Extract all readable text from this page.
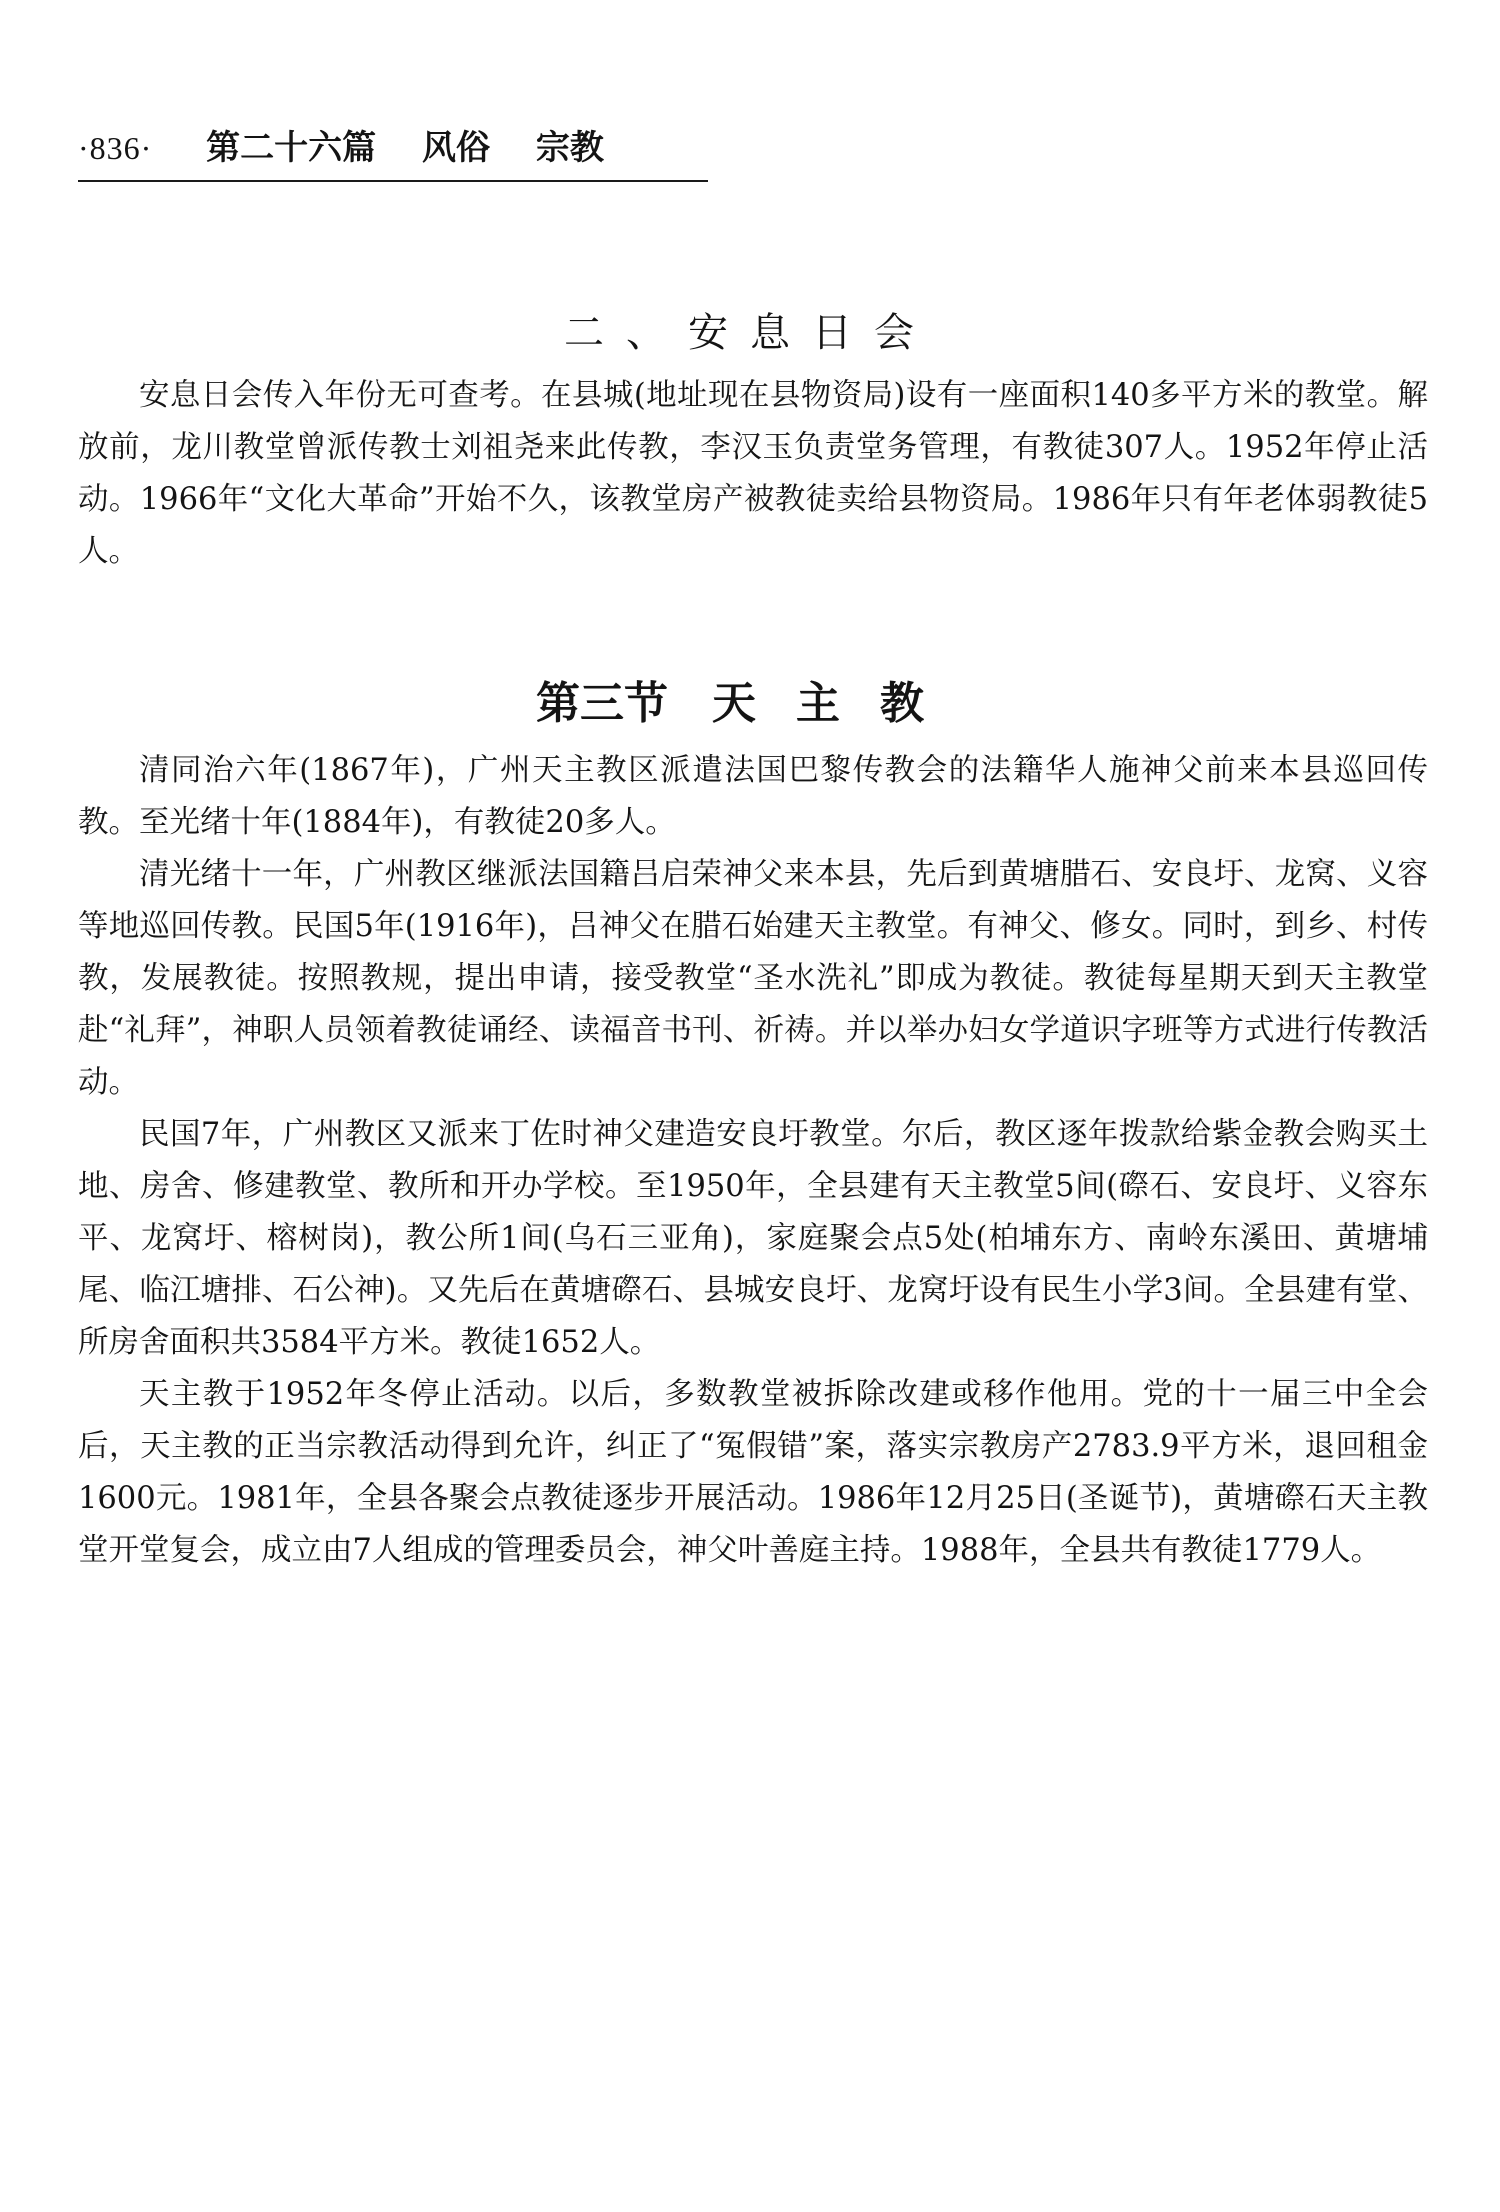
·836· 第二十六篇 风俗 宗教
二、安息日会

安息日会传入年份无可查考。在县城(地址现在县物资局)设有一座面积140多平方米的教堂。解放前，龙川教堂曾派传教士刘祖尧来此传教，李汉玉负责堂务管理，有教徒307人。1952年停止活动。1966年“文化大革命”开始不久，该教堂房产被教徒卖给县物资局。1986年只有年老体弱教徒5人。

第三节 天主教

清同治六年(1867年)，广州天主教区派遣法国巴黎传教会的法籍华人施神父前来本县巡回传教。至光绪十年(1884年)，有教徒20多人。

清光绪十一年，广州教区继派法国籍吕启荣神父来本县，先后到黄塘腊石、安良圩、龙窝、义容等地巡回传教。民国5年(1916年)，吕神父在腊石始建天主教堂。有神父、修女。同时，到乡、村传教，发展教徒。按照教规，提出申请，接受教堂“圣水洗礼”即成为教徒。教徒每星期天到天主教堂赴“礼拜”，神职人员领着教徒诵经、读福音书刊、祈祷。并以举办妇女学道识字班等方式进行传教活动。

民国7年，广州教区又派来丁佐时神父建造安良圩教堂。尔后，教区逐年拨款给紫金教会购买土地、房舍、修建教堂、教所和开办学校。至1950年，全县建有天主教堂5间(磜石、安良圩、义容东平、龙窝圩、榕树岗)，教公所1间(乌石三亚角)，家庭聚会点5处(柏埔东方、南岭东溪田、黄塘埔尾、临江塘排、石公神)。又先后在黄塘磜石、县城安良圩、龙窝圩设有民生小学3间。全县建有堂、所房舍面积共3584平方米。教徒1652人。

天主教于1952年冬停止活动。以后，多数教堂被拆除改建或移作他用。党的十一届三中全会后，天主教的正当宗教活动得到允许，纠正了“冤假错”案，落实宗教房产2783.9平方米，退回租金1600元。1981年，全县各聚会点教徒逐步开展活动。1986年12月25日(圣诞节)，黄塘磜石天主教堂开堂复会，成立由7人组成的管理委员会，神父叶善庭主持。1988年，全县共有教徒1779人。
